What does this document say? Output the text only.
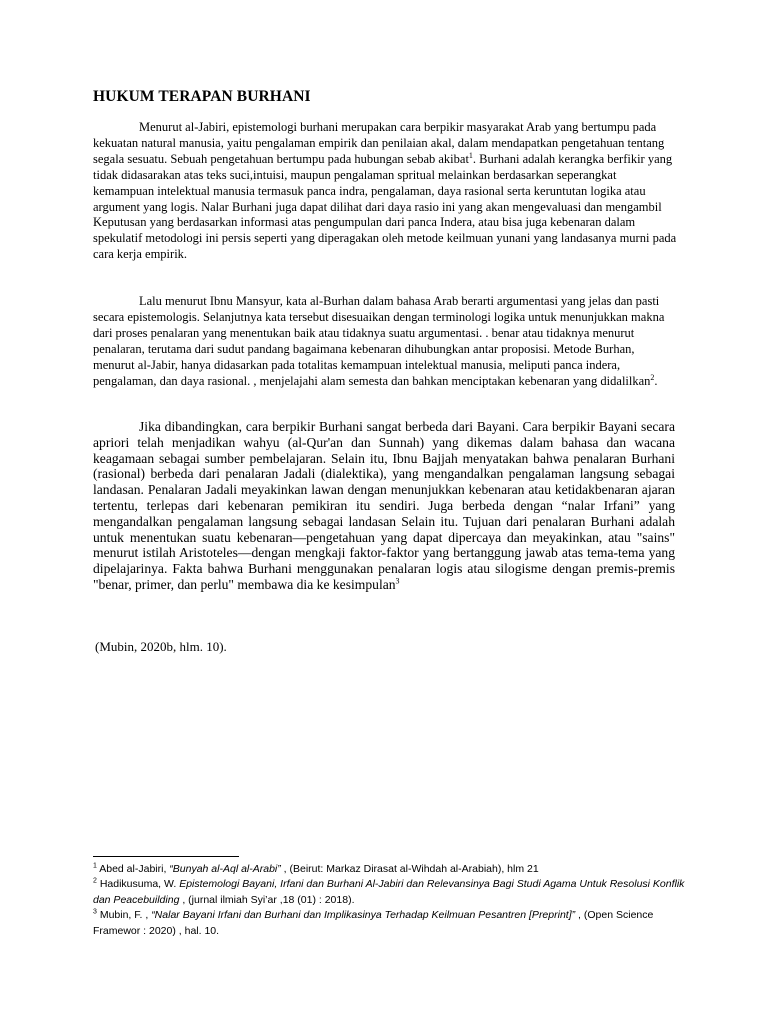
HUKUM TERAPAN BURHANI

Menurut al-Jabiri, epistemologi burhani merupakan cara berpikir masyarakat Arab yang bertumpu pada kekuatan natural manusia, yaitu pengalaman empirik dan penilaian akal, dalam mendapatkan pengetahuan tentang segala sesuatu. Sebuah pengetahuan bertumpu pada hubungan sebab akibat$^1$. Burhani adalah kerangka berfikir yang tidak didasarakan atas teks suci,intuisi, maupun pengalaman spritual melainkan berdasarkan seperangkat kemampuan intelektual manusia termasuk panca indra, pengalaman, daya rasional serta keruntutan logika atau argument yang logis. Nalar Burhani juga dapat dilihat dari daya rasio ini yang akan mengevaluasi dan mengambil Keputusan yang berdasarkan informasi atas pengumpulan dari panca Indera, atau bisa juga kebenaran dalam spekulatif metodologi ini persis seperti yang diperagakan oleh metode keilmuan yunani yang landasanya murni pada cara kerja empirik.

Lalu menurut Ibnu Mansyur, kata al-Burhan dalam bahasa Arab berarti argumentasi yang jelas dan pasti secara epistemologis. Selanjutnya kata tersebut disesuaikan dengan terminologi logika untuk menunjukkan makna dari proses penalaran yang menentukan baik atau tidaknya suatu argumentasi. . benar atau tidaknya menurut penalaran, terutama dari sudut pandang bagaimana kebenaran dihubungkan antar proposisi. Metode Burhan, menurut al-Jabir, hanya didasarkan pada totalitas kemampuan intelektual manusia, meliputi panca indera, pengalaman, dan daya rasional. , menjelajahi alam semesta dan bahkan menciptakan kebenaran yang didalilkan$^2$.

Jika dibandingkan, cara berpikir Burhani sangat berbeda dari Bayani. Cara berpikir Bayani secara apriori telah menjadikan wahyu (al-Qur'an dan Sunnah) yang dikemas dalam bahasa dan wacana keagamaan sebagai sumber pembelajaran. Selain itu, Ibnu Bajjah menyatakan bahwa penalaran Burhani (rasional) berbeda dari penalaran Jadali (dialektika), yang mengandalkan pengalaman langsung sebagai landasan. Penalaran Jadali meyakinkan lawan dengan menunjukkan kebenaran atau ketidakbenaran ajaran tertentu, terlepas dari kebenaran pemikiran itu sendiri. Juga berbeda dengan “nalar Irfani” yang mengandalkan pengalaman langsung sebagai landasan Selain itu. Tujuan dari penalaran Burhani adalah untuk menentukan suatu kebenaran—pengetahuan yang dapat dipercaya dan meyakinkan, atau "sains" menurut istilah Aristoteles—dengan mengkaji faktor-faktor yang bertanggung jawab atas tema-tema yang dipelajarinya. Fakta bahwa Burhani menggunakan penalaran logis atau silogisme dengan premis-premis "benar, primer, dan perlu" membawa dia ke kesimpulan$^3$

(Mubin, 2020b, hlm. 10).

$^1$ Abed al-Jabiri, “Bunyah al-Aql al-Arabi” , (Beirut: Markaz Dirasat al-Wihdah al-Arabiah), hlm 21

$^2$ Hadikusuma, W. Epistemologi Bayani, Irfani dan Burhani Al-Jabiri dan Relevansinya Bagi Studi Agama Untuk Resolusi Konflik dan Peacebuilding , (jurnal ilmiah Syi’ar ,18 (01) : 2018).

$^3$ Mubin, F. , “Nalar Bayani Irfani dan Burhani dan Implikasinya Terhadap Keilmuan Pesantren [Preprint]” , (Open Science Framewor : 2020) , hal. 10.
